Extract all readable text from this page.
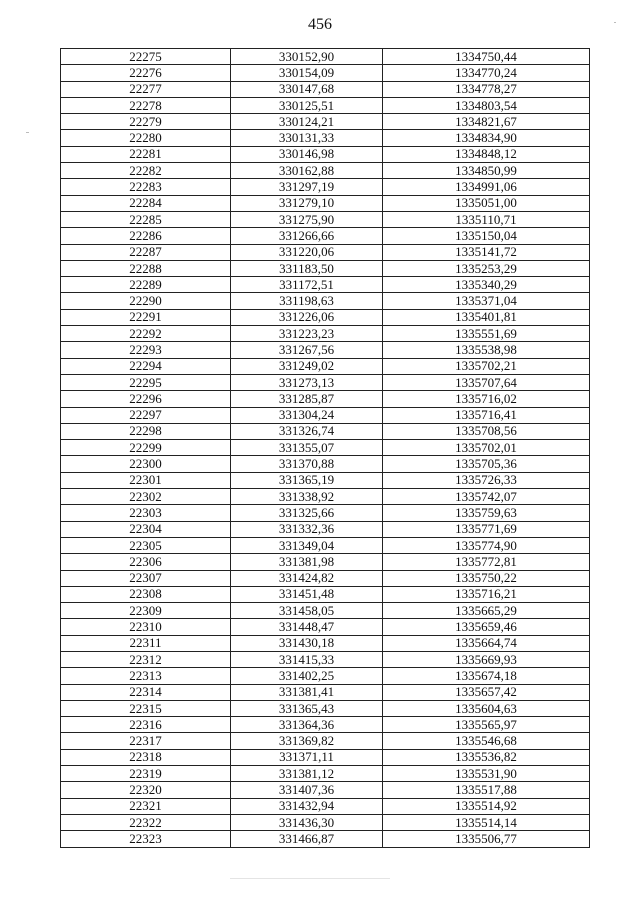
456
22275	330152,90	1334750,44
22276	330154,09	1334770,24
22277	330147,68	1334778,27
22278	330125,51	1334803,54
22279	330124,21	1334821,67
22280	330131,33	1334834,90
22281	330146,98	1334848,12
22282	330162,88	1334850,99
22283	331297,19	1334991,06
22284	331279,10	1335051,00
22285	331275,90	1335110,71
22286	331266,66	1335150,04
22287	331220,06	1335141,72
22288	331183,50	1335253,29
22289	331172,51	1335340,29
22290	331198,63	1335371,04
22291	331226,06	1335401,81
22292	331223,23	1335551,69
22293	331267,56	1335538,98
22294	331249,02	1335702,21
22295	331273,13	1335707,64
22296	331285,87	1335716,02
22297	331304,24	1335716,41
22298	331326,74	1335708,56
22299	331355,07	1335702,01
22300	331370,88	1335705,36
22301	331365,19	1335726,33
22302	331338,92	1335742,07
22303	331325,66	1335759,63
22304	331332,36	1335771,69
22305	331349,04	1335774,90
22306	331381,98	1335772,81
22307	331424,82	1335750,22
22308	331451,48	1335716,21
22309	331458,05	1335665,29
22310	331448,47	1335659,46
22311	331430,18	1335664,74
22312	331415,33	1335669,93
22313	331402,25	1335674,18
22314	331381,41	1335657,42
22315	331365,43	1335604,63
22316	331364,36	1335565,97
22317	331369,82	1335546,68
22318	331371,11	1335536,82
22319	331381,12	1335531,90
22320	331407,36	1335517,88
22321	331432,94	1335514,92
22322	331436,30	1335514,14
22323	331466,87	1335506,77
